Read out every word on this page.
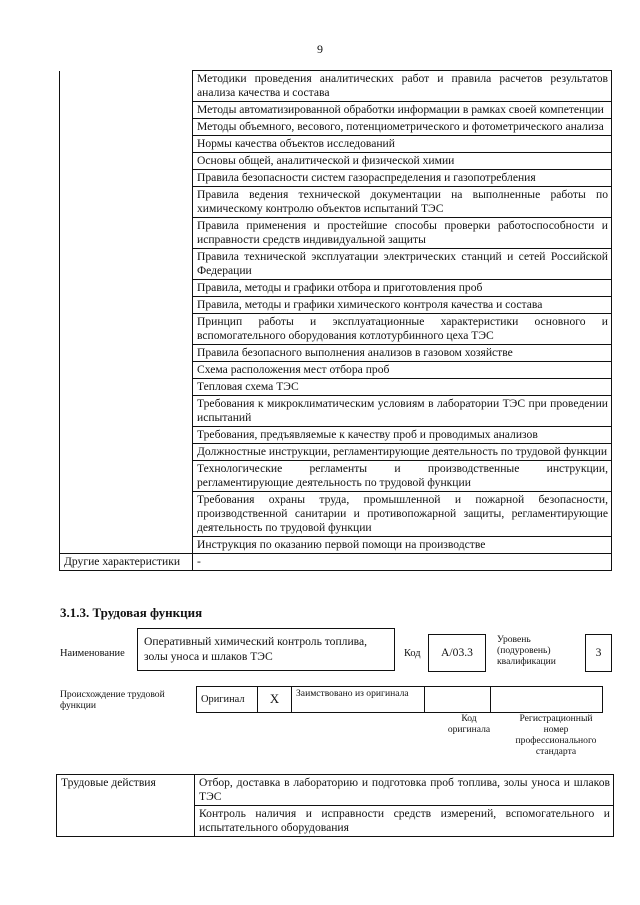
9
	Методики проведения аналитических работ и правила расчетов результатов анализа качества и состава
	Методы автоматизированной обработки информации в рамках своей компетенции
	Методы объемного, весового, потенциометрического и фотометрического анализа
	Нормы качества объектов исследований
	Основы общей, аналитической и физической химии
	Правила безопасности систем газораспределения и газопотребления
	Правила ведения технической документации на выполненные работы по химическому контролю объектов испытаний ТЭС
	Правила применения и простейшие способы проверки работоспособности и исправности средств индивидуальной защиты
	Правила технической эксплуатации электрических станций и сетей Российской Федерации
	Правила, методы и графики отбора и приготовления проб
	Правила, методы и графики химического контроля качества и состава
	Принцип работы и эксплуатационные характеристики основного и вспомогательного оборудования котлотурбинного цеха ТЭС
	Правила безопасного выполнения анализов в газовом хозяйстве
	Схема расположения мест отбора проб
	Тепловая схема ТЭС
	Требования к микроклиматическим условиям в лаборатории ТЭС при проведении испытаний
	Требования, предъявляемые к качеству проб и проводимых анализов
	Должностные инструкции, регламентирующие деятельность по трудовой функции
	Технологические регламенты и производственные инструкции, регламентирующие деятельность по трудовой функции
	Требования охраны труда, промышленной и пожарной безопасности, производственной санитарии и противопожарной защиты, регламентирующие деятельность по трудовой функции
	Инструкция по оказанию первой помощи на производстве
Другие характеристики	-
3.1.3. Трудовая функция
Наименование
Оперативный химический контроль топлива, золы уноса и шлаков ТЭС	Код	А/03.3
Уровень (подуровень) квалификации
3
Происхождение трудовой функции
Оригинал	Х	Заимствовано из оригинала		
Код оригинала
Регистрационный номер профессионального стандарта
Трудовые действия	Отбор, доставка в лабораторию и подготовка проб топлива, золы уноса и шлаков ТЭС
Контроль наличия и исправности средств измерений, вспомогательного и испытательного оборудования
